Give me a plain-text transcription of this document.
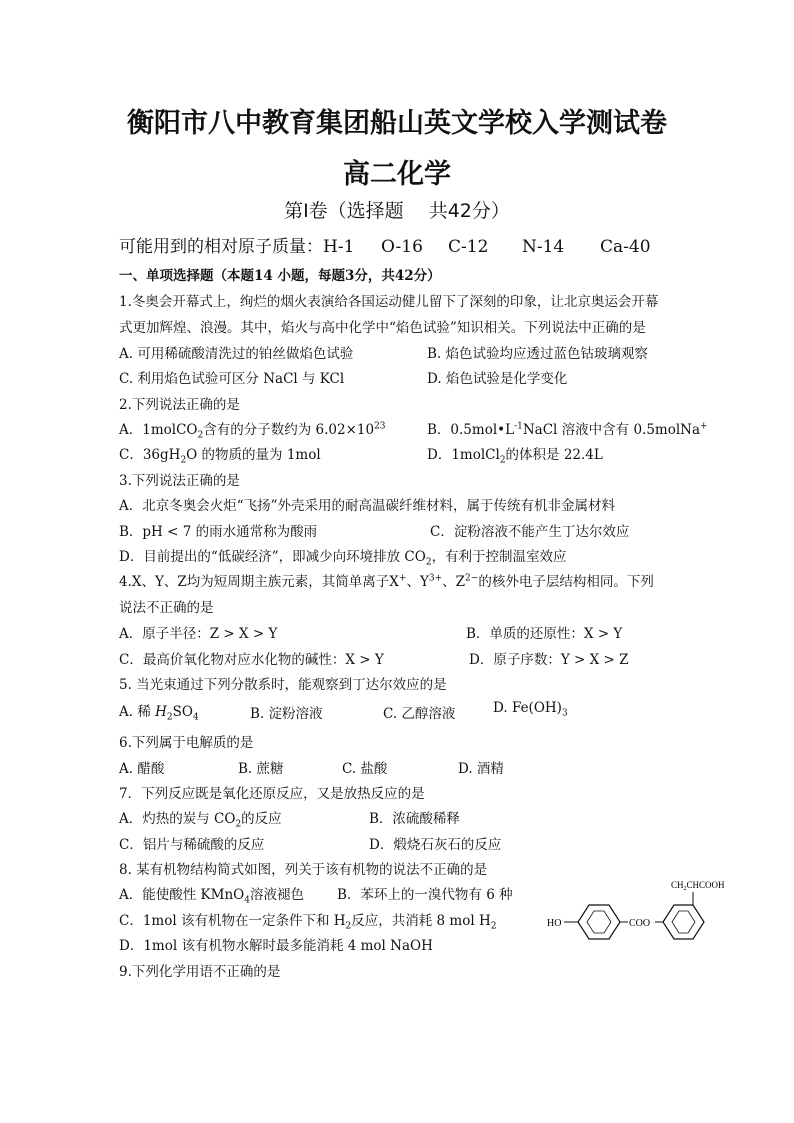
衡阳市八中教育集团船山英文学校入学测试卷
高二化学
第Ⅰ卷（选择题　 共42分）
可能用到的相对原子质量：H-1 O-16 C-12 N-14 Ca-40
一、单项选择题（本题14 小题，每题3分，共42分）
1.冬奥会开幕式上，绚烂的烟火表演给各国运动健儿留下了深刻的印象，让北京奥运会开幕
式更加辉煌、浪漫。其中，焰火与高中化学中“焰色试验”知识相关。下列说法中正确的是
A. 可用稀硫酸清洗过的铂丝做焰色试验	B. 焰色试验均应透过蓝色钴玻璃观察
C. 利用焰色试验可区分 NaCl 与 KCl	D. 焰色试验是化学变化
2.下列说法正确的是
A．1molCO$_2$含有的分子数约为 $6.02\times 10^{23}$	B．$0.5mol•L^{-1}NaCl$ 溶液中含有 0.5molNa+
C．$36gH_2O$ 的物质的量为 1mol	D．1molCl$_2$的体积是 22.4L
3.下列说法正确的是
A．北京冬奥会火炬“飞扬”外壳采用的耐高温碳纤维材料，属于传统有机非金属材料
B．pH < 7 的雨水通常称为酸雨	C．淀粉溶液不能产生丁达尔效应
D．目前提出的“低碳经济”，即减少向环境排放 $CO_2$，有利于控制温室效应
4.X、Y、Z均为短周期主族元素，其简单离子X+、$Y^{3+}$、$Z^{2-}$的核外电子层结构相同。下列
说法不正确的是
A．原子半径：Z > X > Y	B．单质的还原性：X > Y
C．最高价氧化物对应水化物的碱性：X > Y	D．原子序数：Y > X > Z
5. 当光束通过下列分散系时，能观察到丁达尔效应的是
A. 稀 $H_2SO_4$	B. 淀粉溶液	C. 乙醇溶液	D. $Fe(OH)_3$
6.下列属于电解质的是
A. 醋酸	B. 蔗糖	C. 盐酸	D. 酒精
7．下列反应既是氧化还原反应，又是放热反应的是
A．灼热的炭与 $CO_2$的反应	B．浓硫酸稀释
C．铝片与稀硫酸的反应	D．煅烧石灰石的反应
8. 某有机物结构简式如图，列关于该有机物的说法不正确的是
A．能使酸性 KMnO$_4$溶液褪色 B．苯环上的一溴代物有 6 种
C．1mol 该有机物在一定条件下和 $H_2$反应，共消耗 8 mol $H_2$
D．1mol 该有机物水解时最多能消耗 4 mol NaOH
$CH_2CHCOOH$
HO	COO
9.下列化学用语不正确的是
